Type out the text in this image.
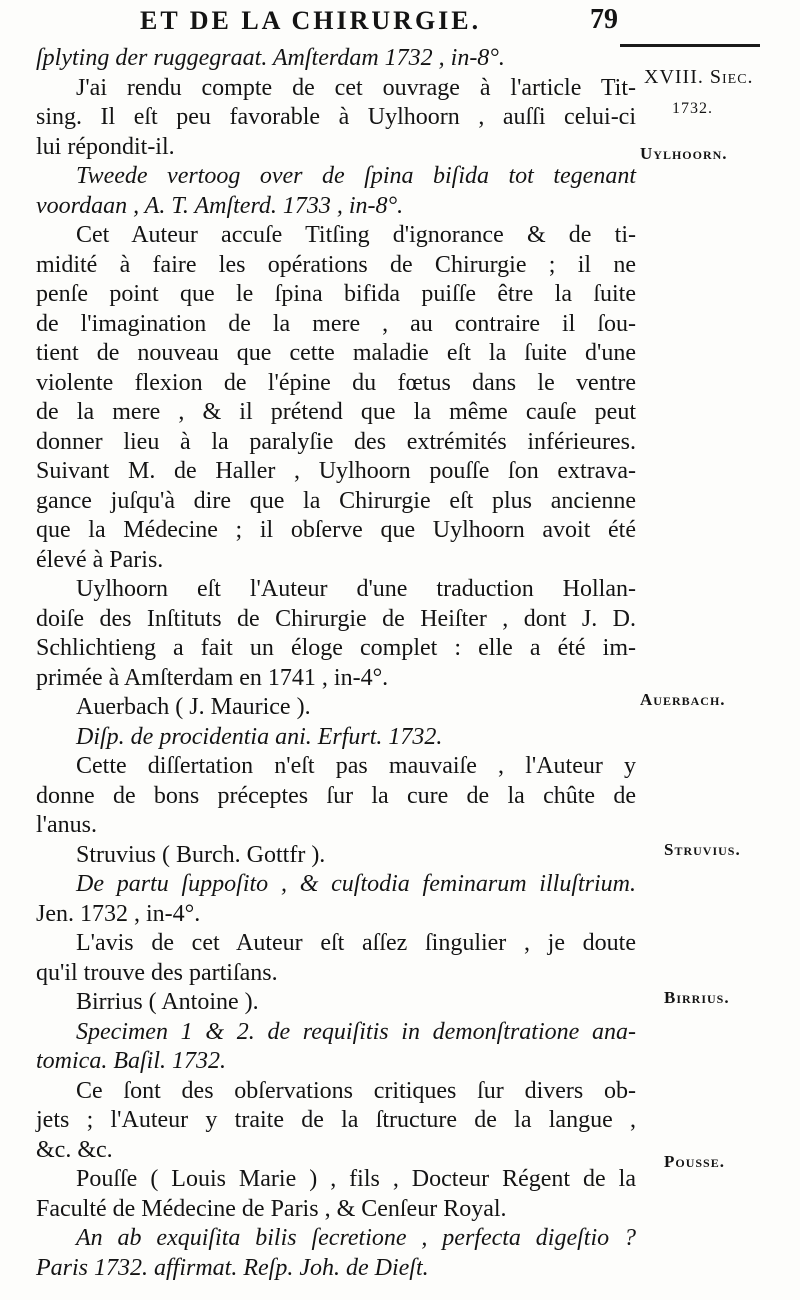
ET DE LA CHIRURGIE.	79
XVIII. Siec.
1732.
Uylhoorn.
Auerbach.
Struvius.
Birrius.
Pousse.
ſplyting der ruggegraat. Amſterdam 1732 , in-8°.
J'ai rendu compte de cet ouvrage à l'article Tit-
sing. Il eſt peu favorable à Uylhoorn , auſſi celui-ci
lui répondit-il.
Tweede vertoog over de ſpina biſida tot tegenant
voordaan , A. T. Amſterd. 1733 , in-8°.
Cet Auteur accuſe Titſing d'ignorance & de ti-
midité à faire les opérations de Chirurgie ; il ne
penſe point que le ſpina bifida puiſſe être la ſuite
de l'imagination de la mere , au contraire il ſou-
tient de nouveau que cette maladie eſt la ſuite d'une
violente flexion de l'épine du fœtus dans le ventre
de la mere , & il prétend que la même cauſe peut
donner lieu à la paralyſie des extrémités inférieures.
Suivant M. de Haller , Uylhoorn pouſſe ſon extrava-
gance juſqu'à dire que la Chirurgie eſt plus ancienne
que la Médecine ; il obſerve que Uylhoorn avoit été
élevé à Paris.
Uylhoorn eſt l'Auteur d'une traduction Hollan-
doiſe des Inſtituts de Chirurgie de Heiſter , dont J. D.
Schlichtieng a fait un éloge complet : elle a été im-
primée à Amſterdam en 1741 , in-4°.
Auerbach ( J. Maurice ).
Diſp. de procidentia ani. Erfurt. 1732.
Cette diſſertation n'eſt pas mauvaiſe , l'Auteur y
donne de bons préceptes ſur la cure de la chûte de
l'anus.
Struvius ( Burch. Gottfr ).
De partu ſuppoſito , & cuſtodia feminarum illuſtrium.
Jen. 1732 , in-4°.
L'avis de cet Auteur eſt aſſez ſingulier , je doute
qu'il trouve des partiſans.
Birrius ( Antoine ).
Specimen 1 & 2. de requiſitis in demonſtratione ana-
tomica. Baſil. 1732.
Ce ſont des obſervations critiques ſur divers ob-
jets ; l'Auteur y traite de la ſtructure de la langue ,
&c. &c.
Pouſſe ( Louis Marie ) , fils , Docteur Régent de la
Faculté de Médecine de Paris , & Cenſeur Royal.
An ab exquiſita bilis ſecretione , perfecta digeſtio ?
Paris 1732. affirmat. Reſp. Joh. de Dieſt.
